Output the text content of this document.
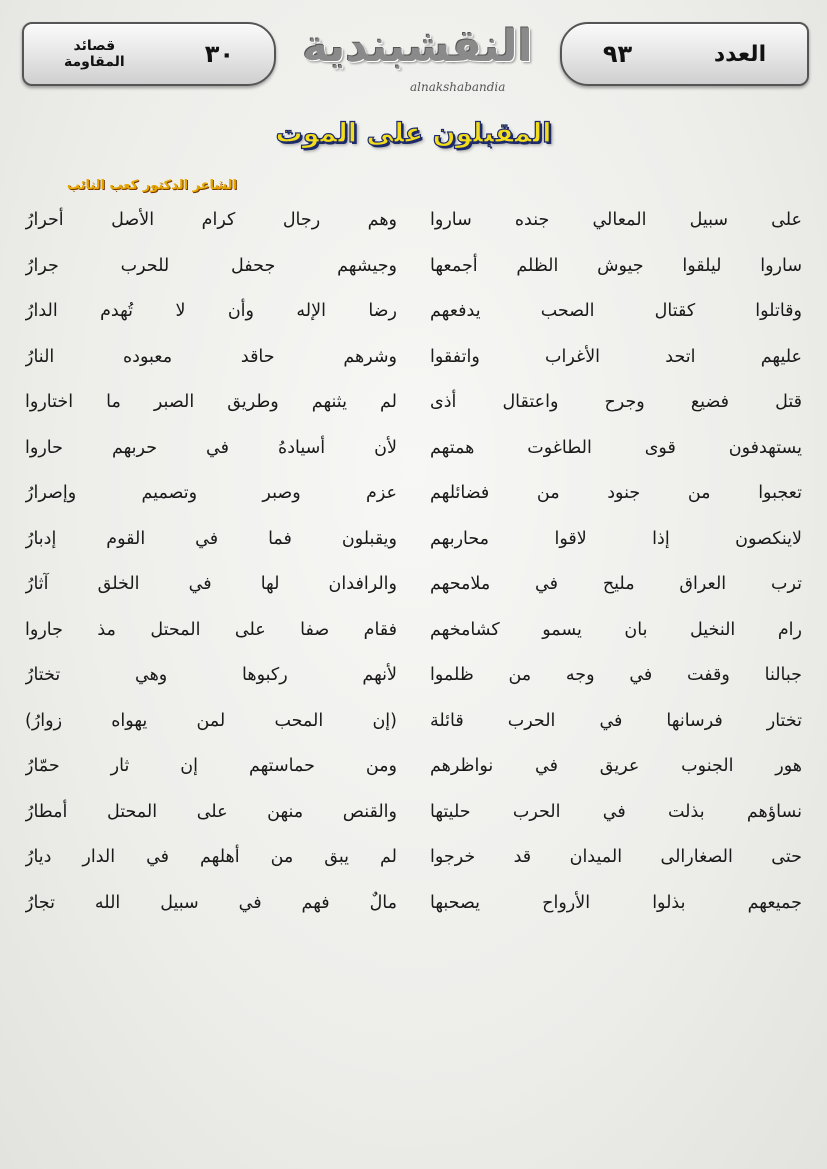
قصائد
المقاومة	٣٠ النقشبندية
alnakshabandia
٩٣	العدد
المقبلون على الموت
الشاعر الدكتور كعب النائب
على سبيل المعالي جنده ساروا
وهم رجال كرام الأصل أحرارُ
ساروا ليلقوا جيوش الظلم أجمعها
وجيشهم جحفل للحرب جرارُ
وقاتلوا كقتال الصحب يدفعهم
رضا الإله وأن لا تُهدم الدارُ
عليهم اتحد الأغراب واتفقوا
وشرهم حاقد معبوده النارُ
قتل فضيع وجرح واعتقال أذى
لم يثنهم وطريق الصبر ما اختاروا
يستهدفون قوى الطاغوت همتهم
لأن أسيادهُ في حربهم حاروا
تعجبوا من جنود من فضائلهم
عزم وصبر وتصميم وإصرارُ
لاينكصون إذا لاقوا محاربهم
ويقبلون فما في القوم إدبارُ
ترب العراق مليح في ملامحهم
والرافدان لها في الخلق آثارُ
رام النخيل بان يسمو كشامخهم
فقام صفا على المحتل مذ جاروا
جبالنا وقفت في وجه من ظلموا
لأنهم ركبوها وهي تختارُ
تختار فرسانها في الحرب قائلة
(إن المحب لمن يهواه زوارُ)
هور الجنوب عريق في نواظرهم
ومن حماستهم إن ثار حمّارُ
نساؤهم بذلت في الحرب حليتها
والقنص منهن على المحتل أمطارُ
حتى الصغارالى الميدان قد خرجوا
لم يبق من أهلهم في الدار ديارُ
جميعهم بذلوا الأرواح يصحبها
مالٌ فهم في سبيل الله تجارُ
